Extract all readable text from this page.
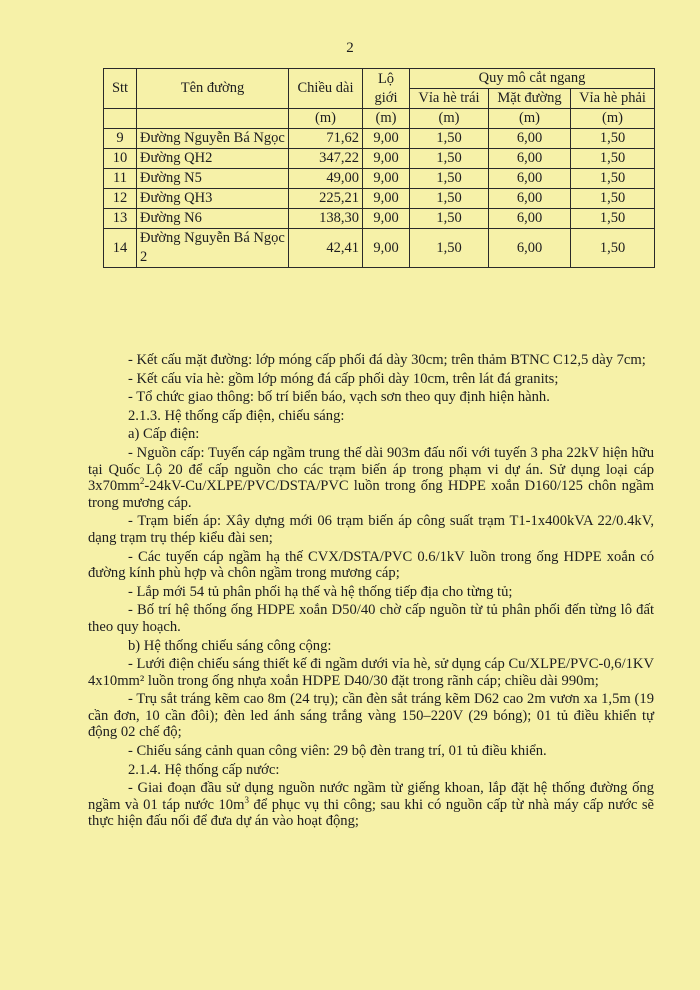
2
Stt	Tên đường	Chiều dài	Lộ giới	Quy mô cắt ngang		
				Vỉa hè trái	Mặt đường	Vỉa hè phải
		(m)	(m)	(m)	(m)	(m)
9	Đường Nguyễn Bá Ngọc	71,62	9,00	1,50	6,00	1,50
10	Đường QH2	347,22	9,00	1,50	6,00	1,50
11	Đường N5	49,00	9,00	1,50	6,00	1,50
12	Đường QH3	225,21	9,00	1,50	6,00	1,50
13	Đường N6	138,30	9,00	1,50	6,00	1,50
14	Đường Nguyễn Bá Ngọc 2	42,41	9,00	1,50	6,00	1,50

- Kết cấu mặt đường: lớp móng cấp phối đá dày 30cm; trên thảm BTNC C12,5 dày 7cm;

- Kết cấu vỉa hè: gồm lớp móng đá cấp phối dày 10cm, trên lát đá granits;

- Tổ chức giao thông: bố trí biển báo, vạch sơn theo quy định hiện hành.

2.1.3. Hệ thống cấp điện, chiếu sáng:

a) Cấp điện:

- Nguồn cấp: Tuyến cáp ngầm trung thế dài 903m đấu nối với tuyến 3 pha 22kV hiện hữu tại Quốc Lộ 20 để cấp nguồn cho các trạm biến áp trong phạm vi dự án. Sử dụng loại cáp $3x70mm^2-24kV-Cu/XLPE/PVC/DSTA$/PVC luồn trong ống HDPE xoắn D160/125 chôn ngầm trong mương cáp.

- Trạm biến áp: Xây dựng mới 06 trạm biến áp công suất trạm T1-1x400kVA 22/0.4kV, dạng trạm trụ thép kiểu đài sen;

- Các tuyến cáp ngầm hạ thế CVX/DSTA/PVC 0.6/1kV luồn trong ống HDPE xoắn có đường kính phù hợp và chôn ngầm trong mương cáp;

- Lắp mới 54 tủ phân phối hạ thế và hệ thống tiếp địa cho từng tủ;

- Bố trí hệ thống ống HDPE xoắn D50/40 chờ cấp nguồn từ tủ phân phối đến từng lô đất theo quy hoạch.

b) Hệ thống chiếu sáng công cộng:

- Lưới điện chiếu sáng thiết kế đi ngầm dưới vỉa hè, sử dụng cáp Cu/XLPE/PVC-0,6/1KV 4x10mm² luồn trong ống nhựa xoắn HDPE D40/30 đặt trong rãnh cáp; chiều dài 990m;

- Trụ sắt tráng kẽm cao 8m (24 trụ); cần đèn sắt tráng kẽm D62 cao 2m vươn xa 1,5m (19 cần đơn, 10 cần đôi); đèn led ánh sáng trắng vàng 150–220V (29 bóng); 01 tủ điều khiển tự động 02 chế độ;

- Chiếu sáng cảnh quan công viên: 29 bộ đèn trang trí, 01 tủ điều khiển.

2.1.4. Hệ thống cấp nước:

- Giai đoạn đầu sử dụng nguồn nước ngầm từ giếng khoan, lắp đặt hệ thống đường ống ngầm và 01 táp nước $10m^3$ để phục vụ thi công; sau khi có nguồn cấp từ nhà máy cấp nước sẽ thực hiện đấu nối để đưa dự án vào hoạt động;
